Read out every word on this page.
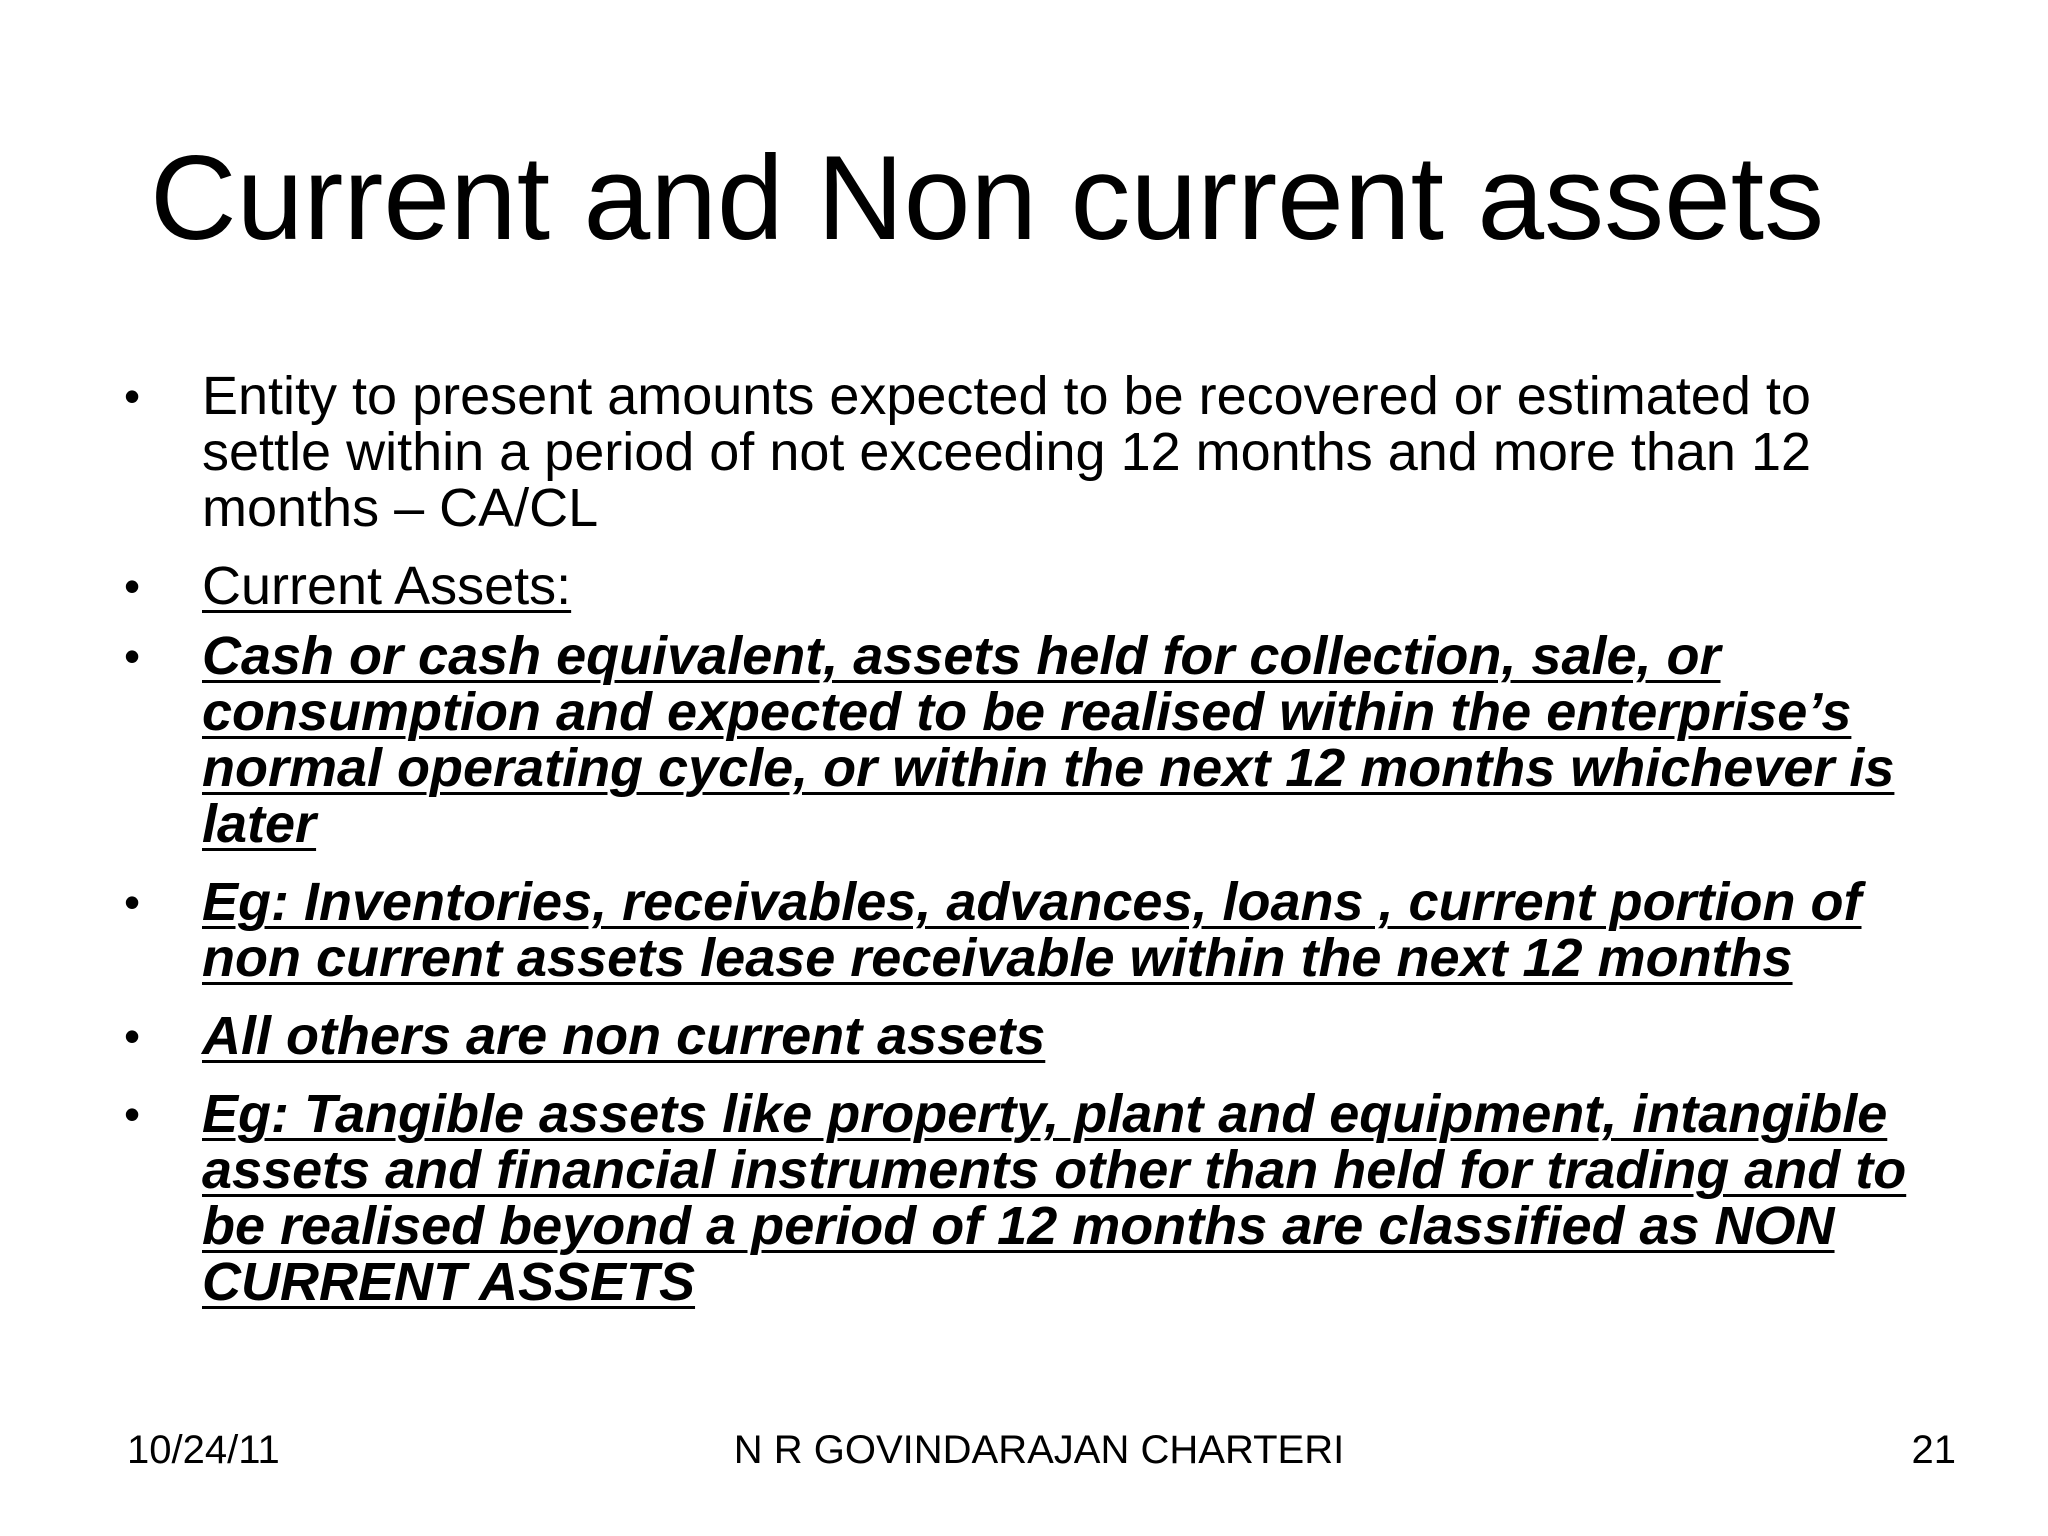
Current and Non current assets
• Entity to present amounts expected to be recovered or estimated to settle within a period of not exceeding 12 months and more than 12 months – CA/CL
• Current Assets:
• Cash or cash equivalent, assets held for collection, sale, or consumption and expected to be realised within the enterprise’s normal operating cycle, or within the next 12 months whichever is later
• Eg: Inventories, receivables, advances, loans , current portion of non current assets lease receivable within the next 12 months
• All others are non current assets
• Eg: Tangible assets like property, plant and equipment, intangible assets and financial instruments other than held for trading and to be realised beyond a period of 12 months are classified as NON CURRENT ASSETS
10/24/11	N R GOVINDARAJAN CHARTERI	21
